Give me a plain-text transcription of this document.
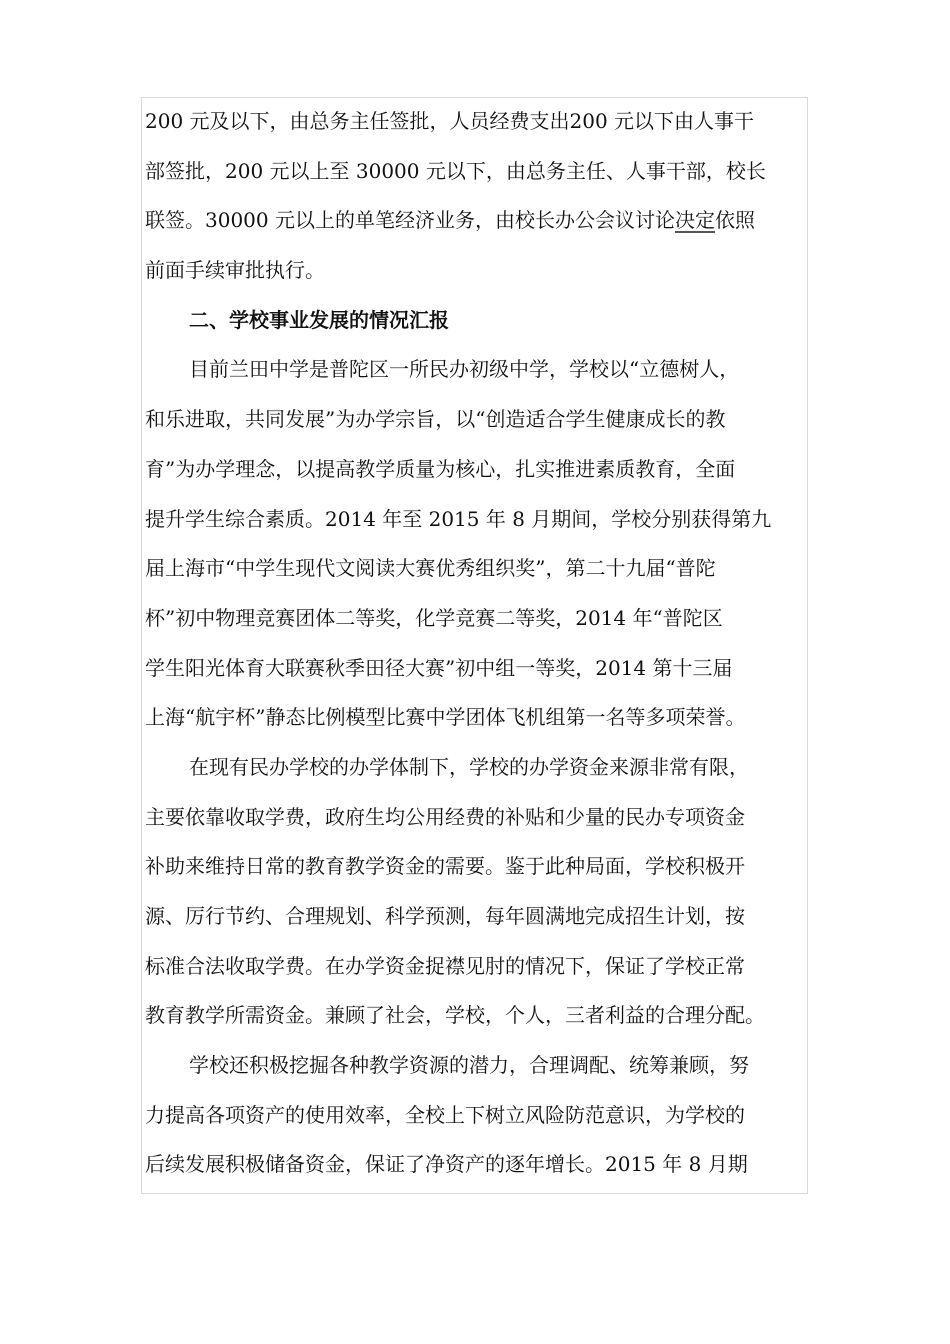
200 元及以下，由总务主任签批，人员经费支出200 元以下由人事干
部签批，200 元以上至 30000 元以下，由总务主任、人事干部，校长
联签。30000 元以上的单笔经济业务，由校长办公会议讨论决定依照
前面手续审批执行。
二、学校事业发展的情况汇报
目前兰田中学是普陀区一所民办初级中学，学校以“立德树人，
和乐进取，共同发展”为办学宗旨，以“创造适合学生健康成长的教
育”为办学理念，以提高教学质量为核心，扎实推进素质教育，全面
提升学生综合素质。2014 年至 2015 年 8 月期间，学校分别获得第九
届上海市“中学生现代文阅读大赛优秀组织奖”，第二十九届“普陀
杯”初中物理竞赛团体二等奖，化学竞赛二等奖，2014 年“普陀区
学生阳光体育大联赛秋季田径大赛”初中组一等奖，2014 第十三届
上海“航宇杯”静态比例模型比赛中学团体飞机组第一名等多项荣誉。
在现有民办学校的办学体制下，学校的办学资金来源非常有限，
主要依靠收取学费，政府生均公用经费的补贴和少量的民办专项资金
补助来维持日常的教育教学资金的需要。鉴于此种局面，学校积极开
源、厉行节约、合理规划、科学预测，每年圆满地完成招生计划，按
标准合法收取学费。在办学资金捉襟见肘的情况下，保证了学校正常
教育教学所需资金。兼顾了社会，学校，个人，三者利益的合理分配。
学校还积极挖掘各种教学资源的潜力，合理调配、统筹兼顾，努
力提高各项资产的使用效率，全校上下树立风险防范意识，为学校的
后续发展积极储备资金，保证了净资产的逐年增长。2015 年 8 月期
